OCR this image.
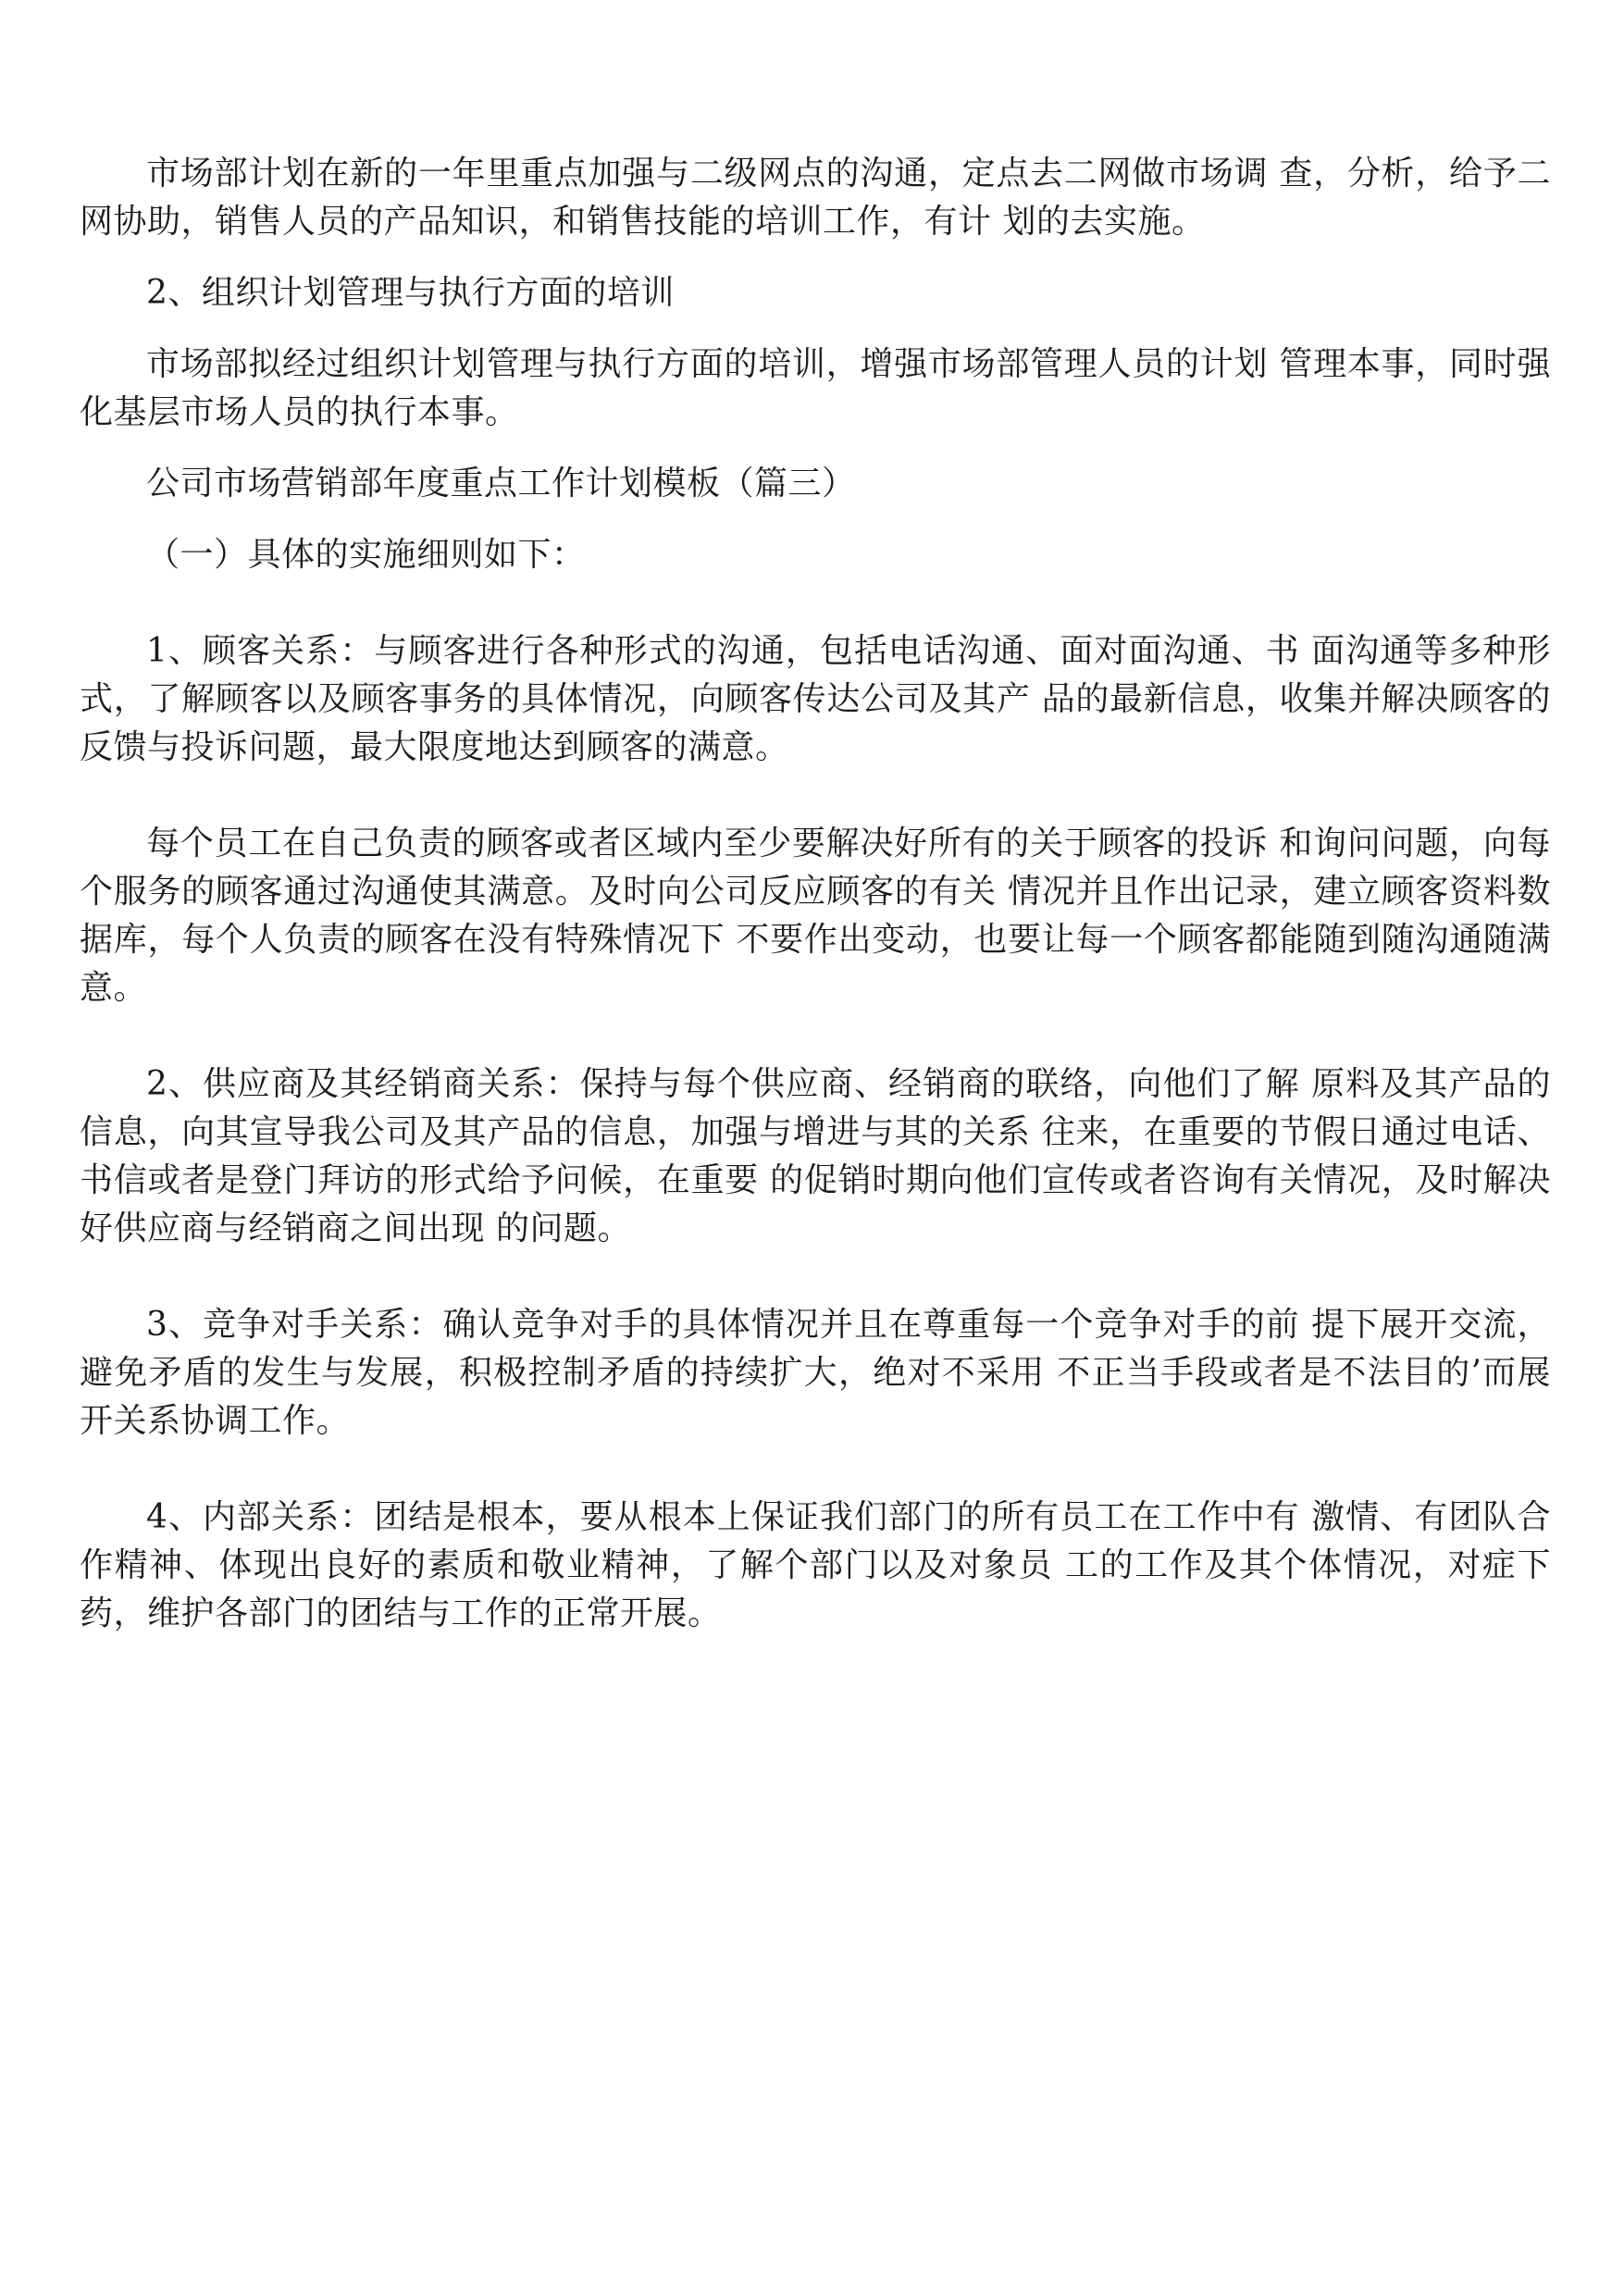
市场部计划在新的一年里重点加强与二级网点的沟通，定点去二网做市场调 查，分析，给予二网协助，销售人员的产品知识，和销售技能的培训工作，有计 划的去实施。

2、组织计划管理与执行方面的培训

市场部拟经过组织计划管理与执行方面的培训，增强市场部管理人员的计划 管理本事，同时强化基层市场人员的执行本事。

公司市场营销部年度重点工作计划模板（篇三）

（一）具体的实施细则如下：

1、顾客关系：与顾客进行各种形式的沟通，包括电话沟通、面对面沟通、书 面沟通等多种形式，了解顾客以及顾客事务的具体情况，向顾客传达公司及其产 品的最新信息，收集并解决顾客的反馈与投诉问题，最大限度地达到顾客的满意。

每个员工在自己负责的顾客或者区域内至少要解决好所有的关于顾客的投诉 和询问问题，向每个服务的顾客通过沟通使其满意。及时向公司反应顾客的有关 情况并且作出记录，建立顾客资料数据库，每个人负责的顾客在没有特殊情况下 不要作出变动，也要让每一个顾客都能随到随沟通随满意。

2、供应商及其经销商关系：保持与每个供应商、经销商的联络，向他们了解 原料及其产品的信息，向其宣导我公司及其产品的信息，加强与增进与其的关系 往来，在重要的节假日通过电话、书信或者是登门拜访的形式给予问候，在重要 的促销时期向他们宣传或者咨询有关情况，及时解决好供应商与经销商之间出现 的问题。

3、竞争对手关系：确认竞争对手的具体情况并且在尊重每一个竞争对手的前 提下展开交流，避免矛盾的发生与发展，积极控制矛盾的持续扩大，绝对不采用 不正当手段或者是不法目的’而展开关系协调工作。

4、内部关系：团结是根本，要从根本上保证我们部门的所有员工在工作中有 激情、有团队合作精神、体现出良好的素质和敬业精神，了解个部门以及对象员 工的工作及其个体情况，对症下药，维护各部门的团结与工作的正常开展。
